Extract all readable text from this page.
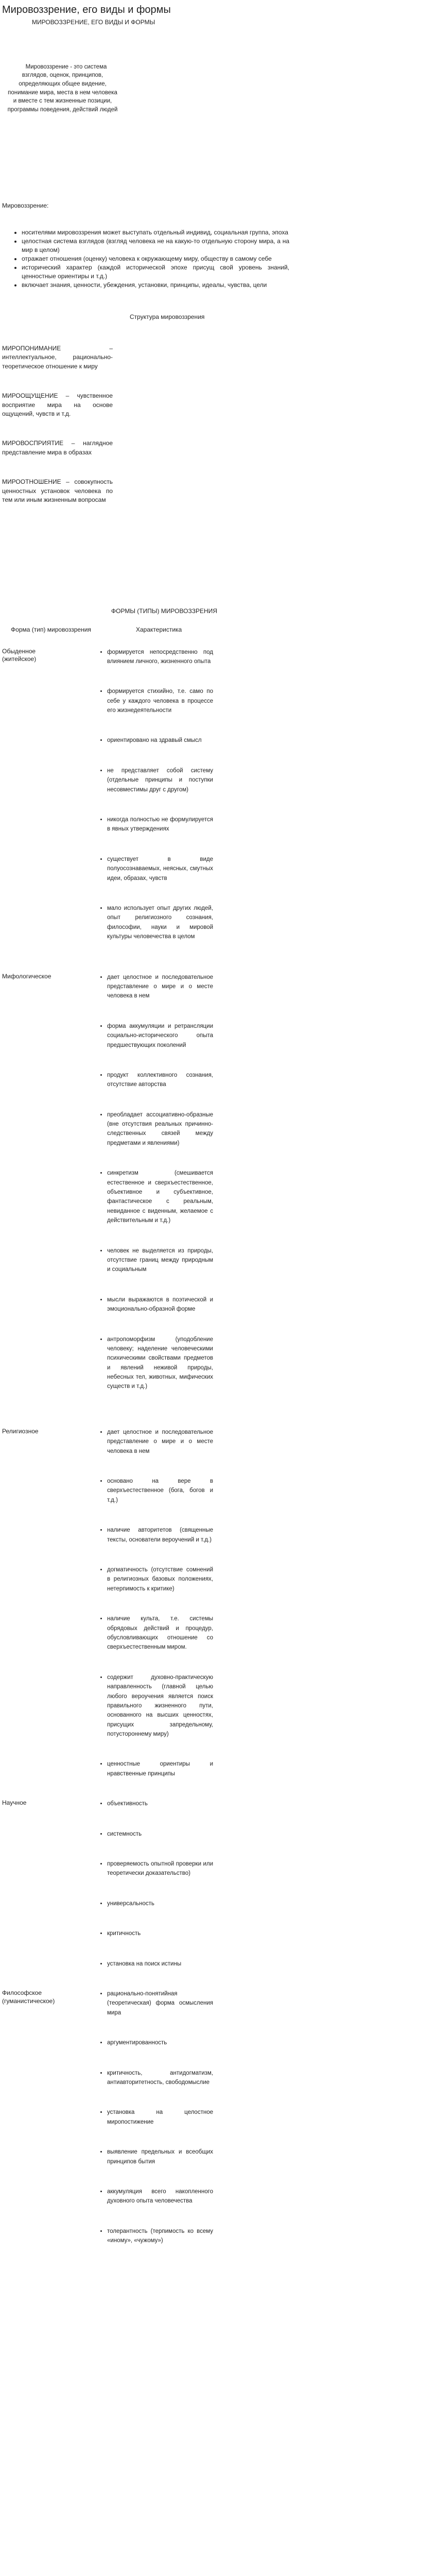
Мировоззрение, его виды и формы
МИРОВОЗЗРЕНИЕ, ЕГО ВИДЫ И ФОРМЫ

Мировоззрение - это система взглядов, оценок, принципов, определяющих общее видение, понимание мира, места в нем человека и вместе с тем жизненные позиции, программы поведения, действий людей

Мировоззрение:
• носителями мировоззрения может выступать отдельный индивид, социальная группа, эпоха
• целостная система взглядов (взгляд человека не на какую-то отдельную сторону мира, а на мир в целом)
• отражает отношения (оценку) человека к окружающему миру, обществу в самому себе
• исторический характер (каждой исторической эпохе присущ свой уровень знаний, ценностные ориентиры и т.д.)
• включает знания, ценности, убеждения, установки, принципы, идеалы, чувства, цели
Структура мировоззрения

МИРОПОНИМАНИЕ – интеллектуальное, рационально-теоретическое отношение к миру

МИРООЩУЩЕНИЕ – чувственное восприятие мира на основе ощущений, чувств и т.д.

МИРОВОСПРИЯТИЕ – наглядное представление мира в образах

МИРООТНОШЕНИЕ – совокупность ценностных установок человека по тем или иным жизненным вопросам

ФОРМЫ (ТИПЫ) МИРОВОЗЗРЕНИЯ
Форма (тип) мировоззрения	Характеристика
Обыденное (житейское)
• формируется непосредственно под влиянием личного, жизненного опыта
• формируется стихийно, т.е. само по себе у каждого человека в процессе его жизнедеятельности
• ориентировано на здравый смысл
• не представляет собой систему (отдельные принципы и поступки несовместимы друг с другом)
• никогда полностью не формулируется в явных утверждениях
• существует в виде полуосознаваемых, неясных, смутных идеи, образах, чувств
• мало использует опыт других людей, опыт религиозного сознания, философии, науки и мировой культуры человечества в целом
Мифологическое	• дает целостное и последовательное представление о мире и о месте человека в нем
• форма аккумуляции и ретрансляции социально-исторического опыта предшествующих поколений
• продукт коллективного сознания, отсутствие авторства
• преобладает ассоциативно-образные (вне отсутствия реальных причинно-следственных связей между предметами и явлениями)
• синкретизм (смешивается естественное и сверхъестественное, объективное и субъективное, фантастическое с реальным, невиданное с виденным, желаемое с действительным и т.д.)
• человек не выделяется из природы, отсутствие границ между природным и социальным
• мысли выражаются в поэтической и эмоционально-образной форме
• антропоморфизм (уподобление человеку; наделение человеческими психическими свойствами предметов и явлений неживой природы, небесных тел, животных, мифических существ и т.д.)
Религиозное	• дает целостное и последовательное представление о мире и о месте человека в нем
• основано на вере в сверхъестественное (бога, богов и т.д.)
• наличие авторитетов (священные тексты, основатели вероучений и т.д.)
• догматичность (отсутствие сомнений в религиозных базовых положениях, нетерпимость к критике)
• наличие культа, т.е. системы обрядовых действий и процедур, обусловливающих отношение со сверхъестественным миром.
• содержит духовно-практическую направленность (главной целью любого вероучения является поиск правильного жизненного пути, основанного на высших ценностях, присущих запредельному, потустороннему миру)
• ценностные ориентиры и нравственные принципы
Научное	• объективность
• системность
• проверяемость опытной проверки или теоретически доказательство)
• универсальность
• критичность
• установка на поиск истины
Философское (гуманистическое)
• рационально-понятийная (теоретическая) форма осмысления мира
• аргументированность
• критичность, антидогматизм, антиавторитетность, свободомыслие
• установка на целостное миропостижение
• выявление предельных и всеобщих принципов бытия
• аккумуляция всего накопленного духовного опыта человечества
• толерантность (терпимость ко всему «иному», «чужому»)
